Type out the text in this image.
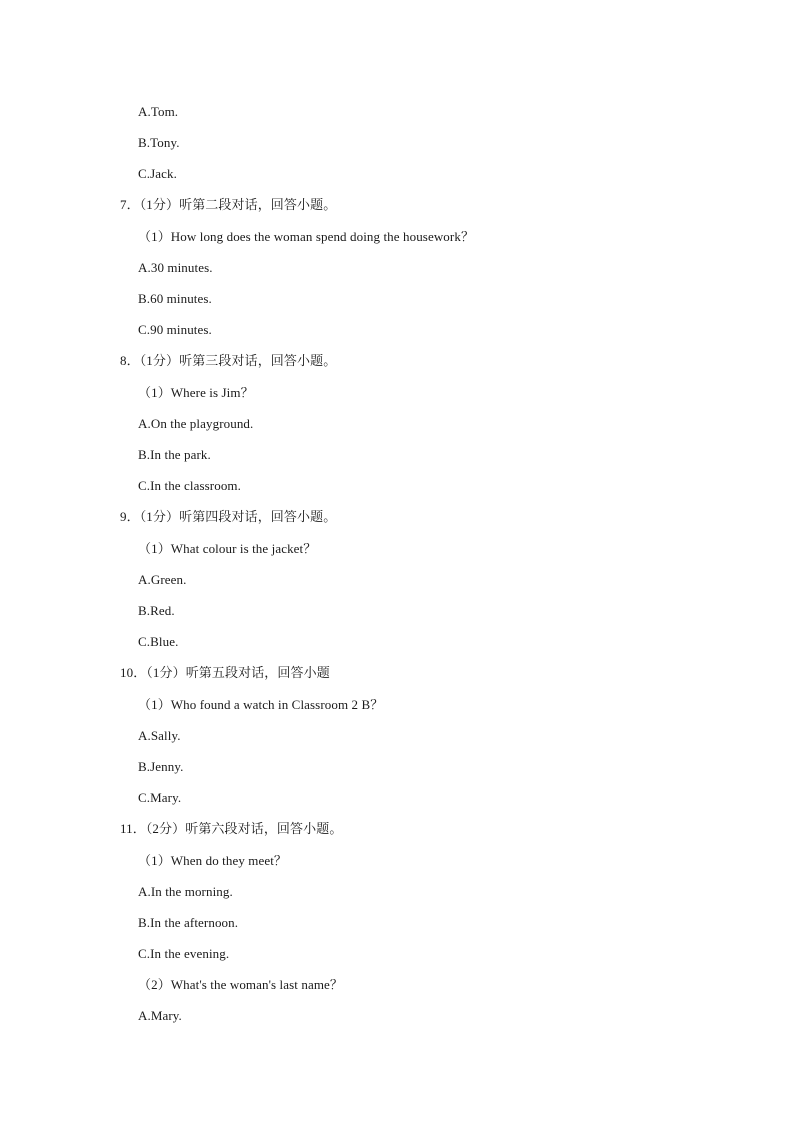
A.Tom.
B.Tony.
C.Jack.
7．（1分）听第二段对话，回答小题。
（1）How long does the woman spend doing the housework？
A.30 minutes.
B.60 minutes.
C.90 minutes.
8．（1分）听第三段对话，回答小题。
（1）Where is Jim？
A.On the playground.
B.In the park.
C.In the classroom.
9．（1分）听第四段对话，回答小题。
（1）What colour is the jacket？
A.Green.
B.Red.
C.Blue.
10．（1分）听第五段对话，回答小题
（1）Who found a watch in Classroom 2 B？
A.Sally.
B.Jenny.
C.Mary.
11．（2分）听第六段对话，回答小题。
（1）When do they meet？
A.In the morning.
B.In the afternoon.
C.In the evening.
（2）What's the woman's last name？
A.Mary.
